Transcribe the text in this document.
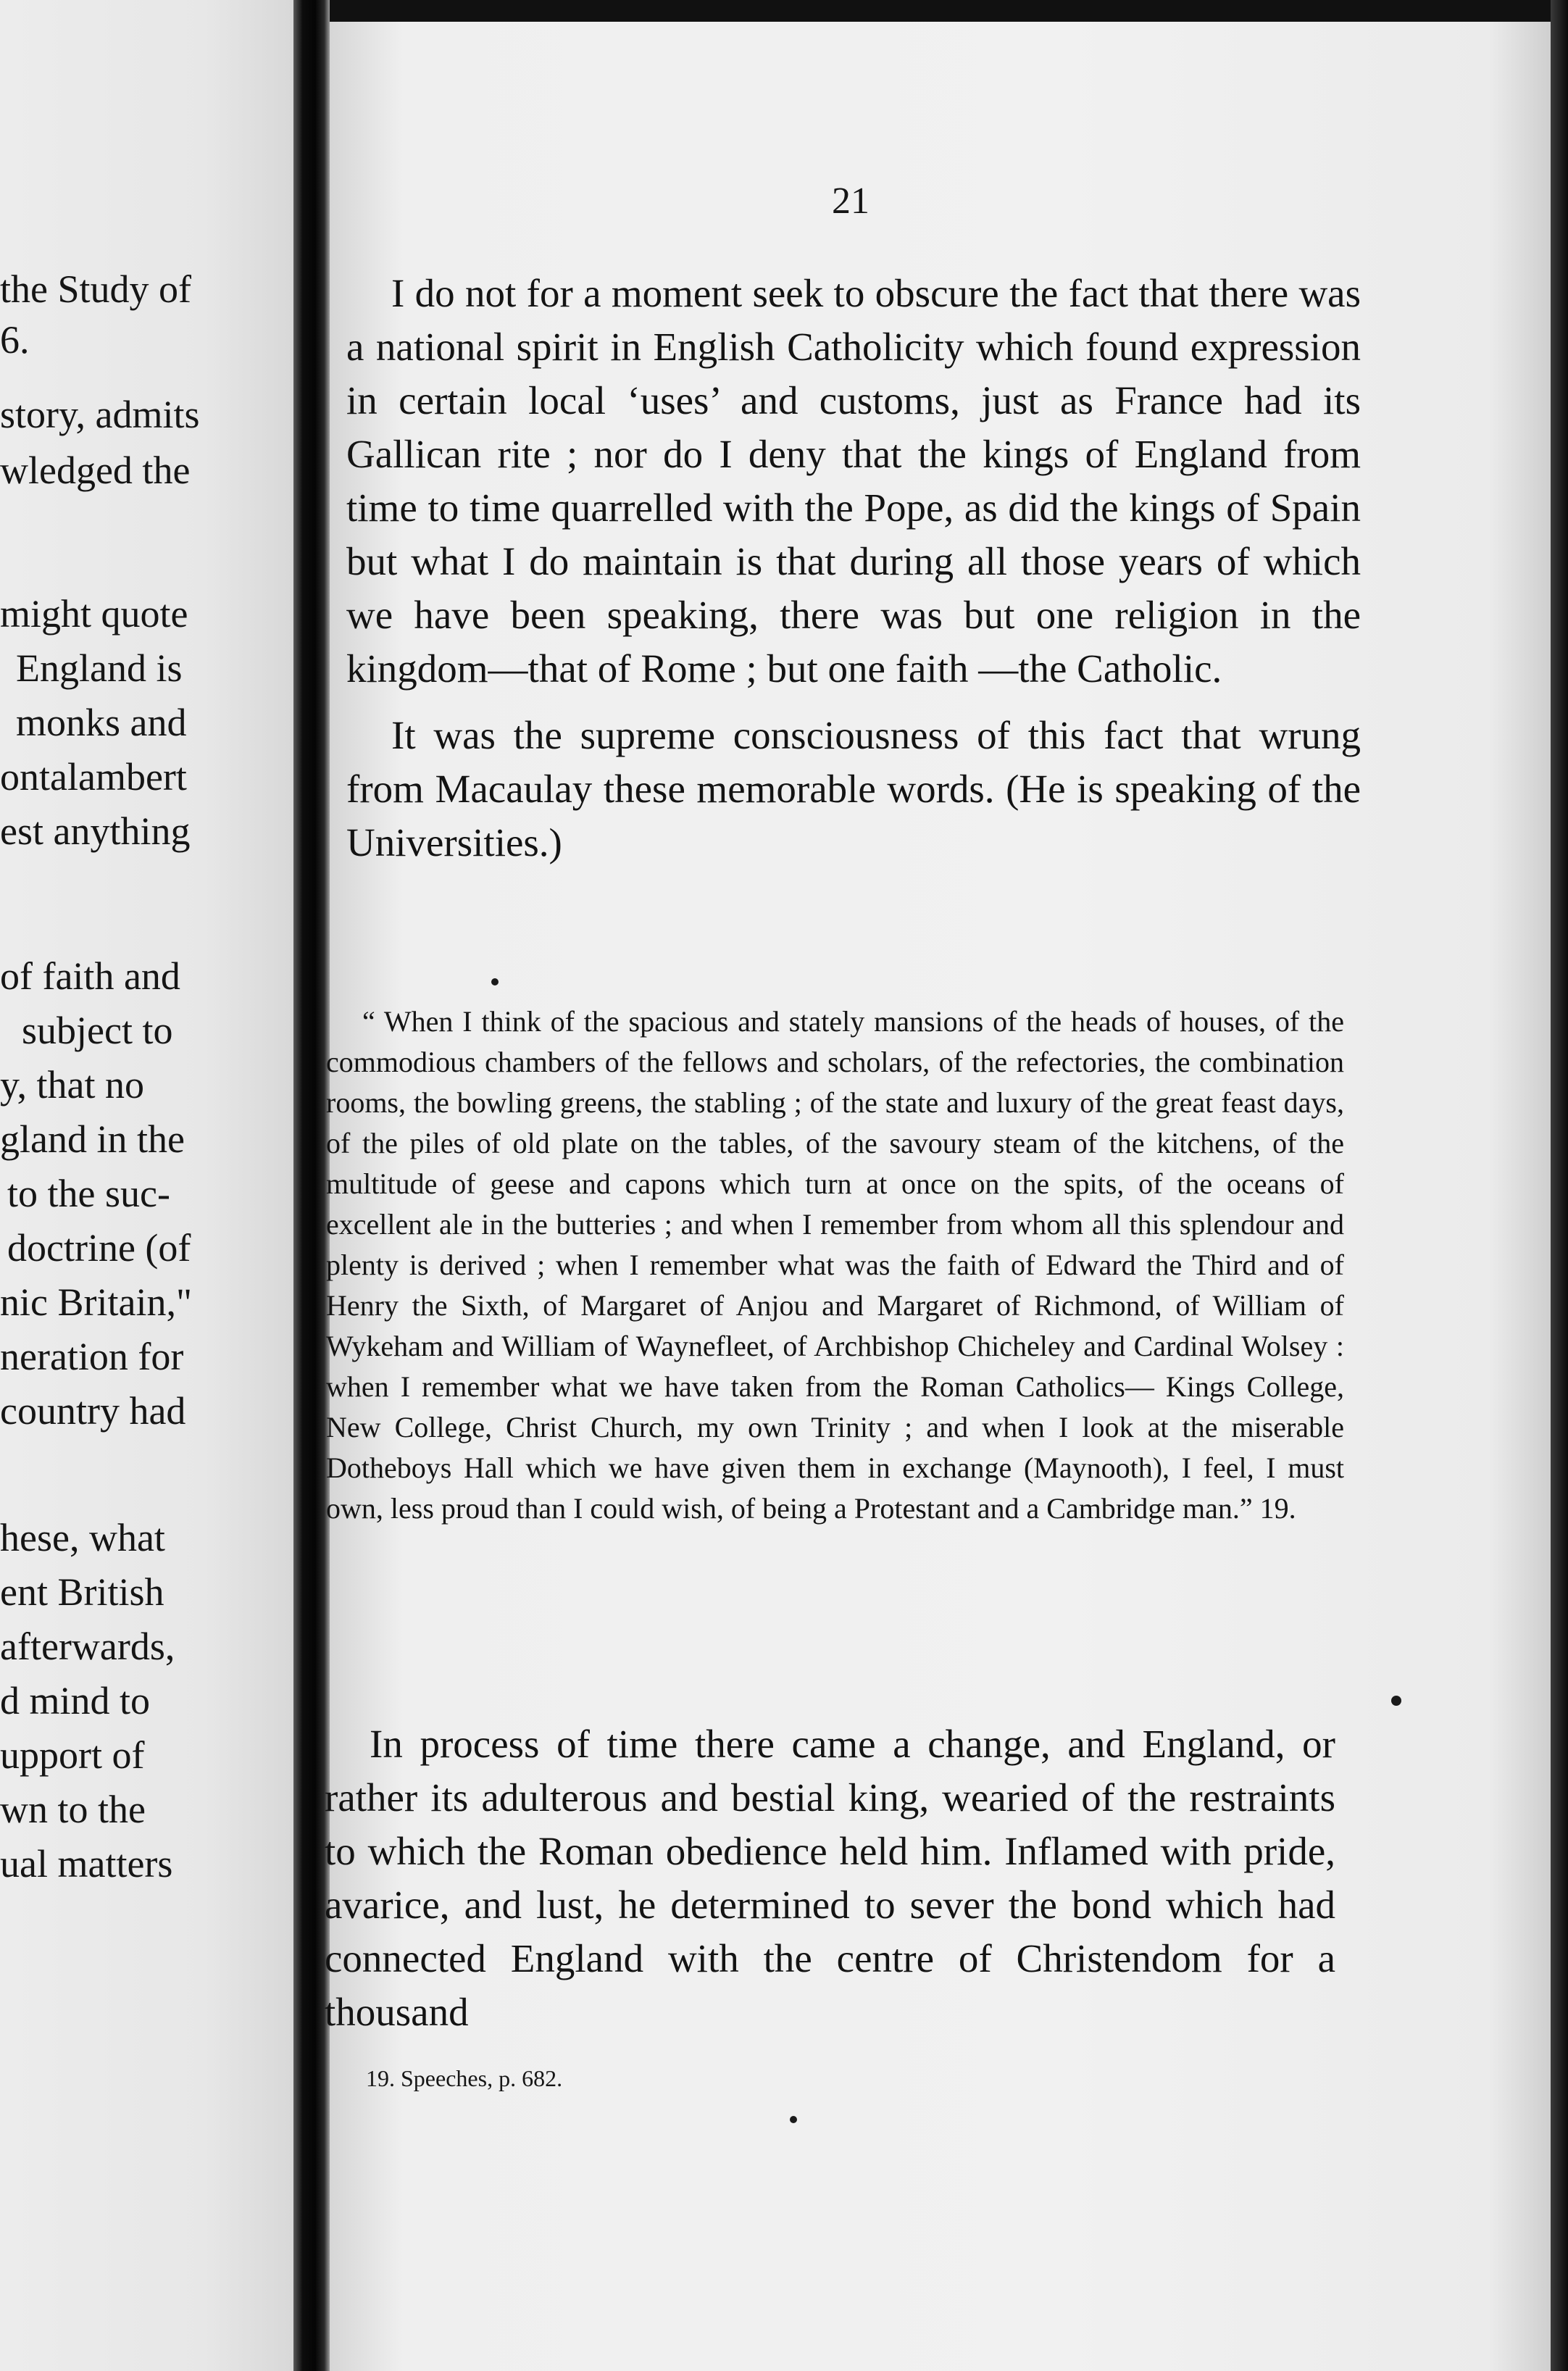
the Study of
6.
story, admits
wledged the
might quote
England is
monks and
ontalambert
est anything
of faith and
subject to
y, that no
gland in the
to the suc-
doctrine (of
nic Britain,"
neration for
country had
hese, what
ent British
afterwards,
d mind to
upport of
wn to the
ual matters
21

I do not for a moment seek to obscure the fact that there was a national spirit in English Catholicity which found expression in certain local ‘uses’ and customs, just as France had its Gallican rite ; nor do I deny that the kings of England from time to time quarrelled with the Pope, as did the kings of Spain but what I do maintain is that during all those years of which we have been speaking, there was but one religion in the kingdom—that of Rome ; but one faith —the Catholic.

It was the supreme consciousness of this fact that wrung from Macaulay these memorable words. (He is speaking of the Universities.)

“ When I think of the spacious and stately mansions of the heads of houses, of the commodious chambers of the fellows and scholars, of the refectories, the combination rooms, the bowling greens, the stabling ; of the state and luxury of the great feast days, of the piles of old plate on the tables, of the savoury steam of the kitchens, of the multitude of geese and capons which turn at once on the spits, of the oceans of excellent ale in the butteries ; and when I remember from whom all this splendour and plenty is derived ; when I remember what was the faith of Edward the Third and of Henry the Sixth, of Margaret of Anjou and Margaret of Richmond, of William of Wykeham and William of Waynefleet, of Archbishop Chicheley and Cardinal Wolsey : when I remember what we have taken from the Roman Catholics— Kings College, New College, Christ Church, my own Trinity ; and when I look at the miserable Dotheboys Hall which we have given them in exchange (Maynooth), I feel, I must own, less proud than I could wish, of being a Protestant and a Cambridge man.” 19.
In process of time there came a change, and England, or rather its adulterous and bestial king, wearied of the restraints to which the Roman obedience held him. Inflamed with pride, avarice, and lust, he determined to sever the bond which had connected England with the centre of Christendom for a thousand
19. Speeches, p. 682.
